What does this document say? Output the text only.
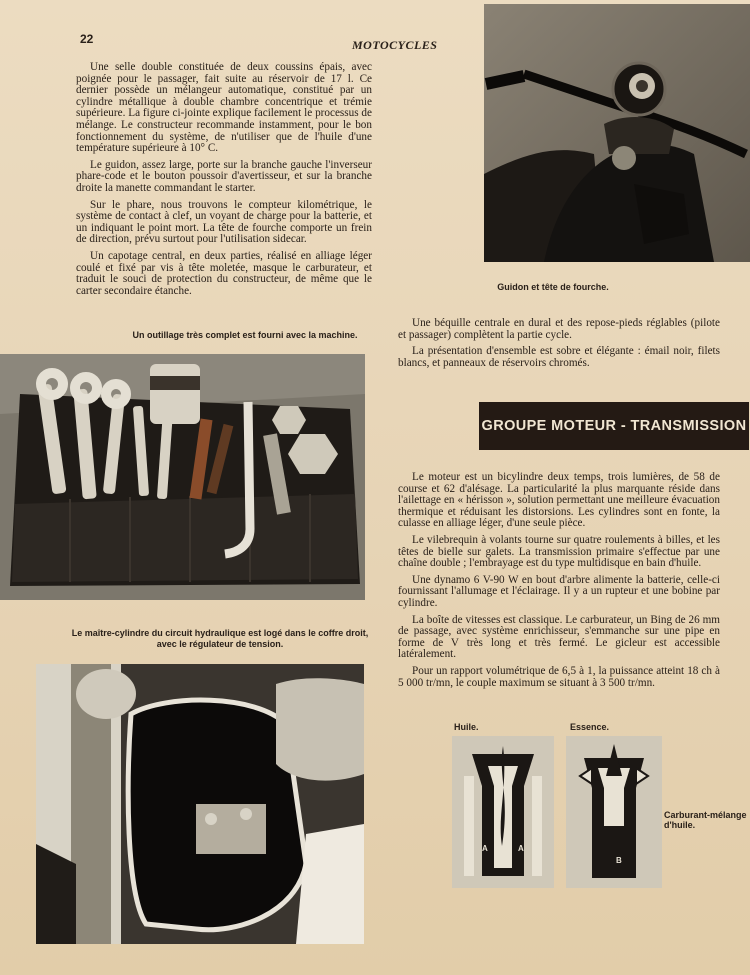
22	MOTOCYCLES

Une selle double constituée de deux coussins épais, avec poignée pour le passager, fait suite au réservoir de 17 l. Ce dernier possède un mélangeur automatique, constitué par un cylindre métallique à double chambre concentrique et trémie supérieure. La figure ci-jointe explique facilement le processus de mélange. Le constructeur recommande instamment, pour le bon fonctionnement du système, de n'utiliser que de l'huile d'une température supérieure à 10° C.

Le guidon, assez large, porte sur la branche gauche l'inverseur phare-code et le bouton poussoir d'avertisseur, et sur la branche droite la manette commandant le starter.

Sur le phare, nous trouvons le compteur kilométrique, le système de contact à clef, un voyant de charge pour la batterie, et un indiquant le point mort. La tête de fourche comporte un frein de direction, prévu surtout pour l'utilisation sidecar.

Un capotage central, en deux parties, réalisé en alliage léger coulé et fixé par vis à tête moletée, masque le carburateur, et traduit le souci de protection du constructeur, de même que le carter secondaire étanche.	Guidon et tête de fourche.
Un outillage très complet est fourni avec la machine.
Le maître-cylindre du circuit hydraulique est logé dans le coffre droit, avec le régulateur de tension.

Une béquille centrale en dural et des repose-pieds réglables (pilote et passager) complètent la partie cycle.

La présentation d'ensemble est sobre et élégante : émail noir, filets blancs, et panneaux de réservoirs chromés.

GROUPE MOTEUR - TRANSMISSION

Le moteur est un bicylindre deux temps, trois lumières, de 58 de course et 62 d'alésage. La particularité la plus marquante réside dans l'ailettage en « hérisson », solution permettant une meilleure évacuation thermique et réduisant les distorsions. Les cylindres sont en fonte, la culasse en alliage léger, d'une seule pièce.

Le vilebrequin à volants tourne sur quatre roulements à billes, et les têtes de bielle sur galets. La transmission primaire s'effectue par une chaîne double ; l'embrayage est du type multidisque en bain d'huile.

Une dynamo 6 V-90 W en bout d'arbre alimente la batterie, celle-ci fournissant l'allumage et l'éclairage. Il y a un rupteur et une bobine par cylindre.

La boîte de vitesses est classique. Le carburateur, un Bing de 26 mm de passage, avec système enrichisseur, s'emmanche sur une pipe en forme de V très long et très fermé. Le gicleur est accessible latéralement.

Pour un rapport volumétrique de 6,5 à 1, la puissance atteint 18 ch à 5 000 tr/mn, le couple maximum se situant à 3 500 tr/mn.

Huile.	Essence.
Carburant-mélange d'huile.
A	A
B
C
